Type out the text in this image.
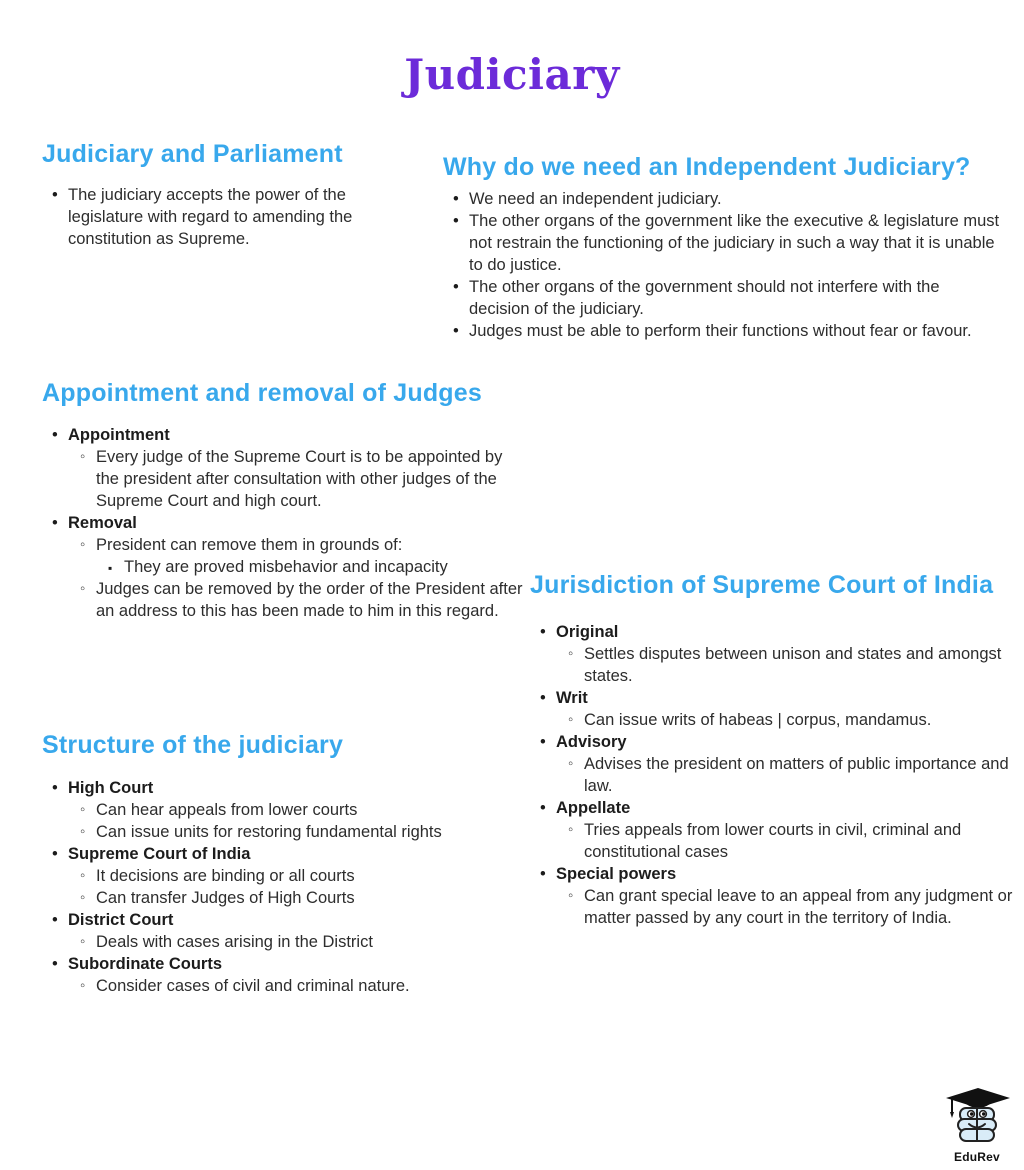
Judiciary
Judiciary and Parliament
• The judiciary accepts the power of the legislature with regard to amending the constitution as Supreme.
Why do we need an Independent Judiciary?
• We need an independent judiciary.
• The other organs of the government like the executive & legislature must not restrain the functioning of the judiciary in such a way that it is unable to do justice.
• The other organs of the government should not interfere with the decision of the judiciary.
• Judges must be able to perform their functions without fear or favour.
Appointment and removal of Judges
• Appointment
◦ Every judge of the Supreme Court is to be appointed by the president after consultation with other judges of the Supreme Court and high court.
• Removal
◦ President can remove them in grounds of:
▪ They are proved misbehavior and incapacity
◦ Judges can be removed by the order of the President after an address to this has been made to him in this regard.
Jurisdiction of Supreme Court of India
• Original
◦ Settles disputes between unison and states and amongst states.
• Writ
◦ Can issue writs of habeas | corpus, mandamus.
• Advisory
◦ Advises the president on matters of public importance and law.
• Appellate
◦ Tries appeals from lower courts in civil, criminal and constitutional cases
• Special powers
◦ Can grant special leave to an appeal from any judgment or matter passed by any court in the territory of India.
Structure of the judiciary
• High Court
◦ Can hear appeals from lower courts
◦ Can issue units for restoring fundamental rights
• Supreme Court of India
◦ It decisions are binding or all courts
◦ Can transfer Judges of High Courts
• District Court
◦ Deals with cases arising in the District
• Subordinate Courts
◦ Consider cases of civil and criminal nature.
EduRev
